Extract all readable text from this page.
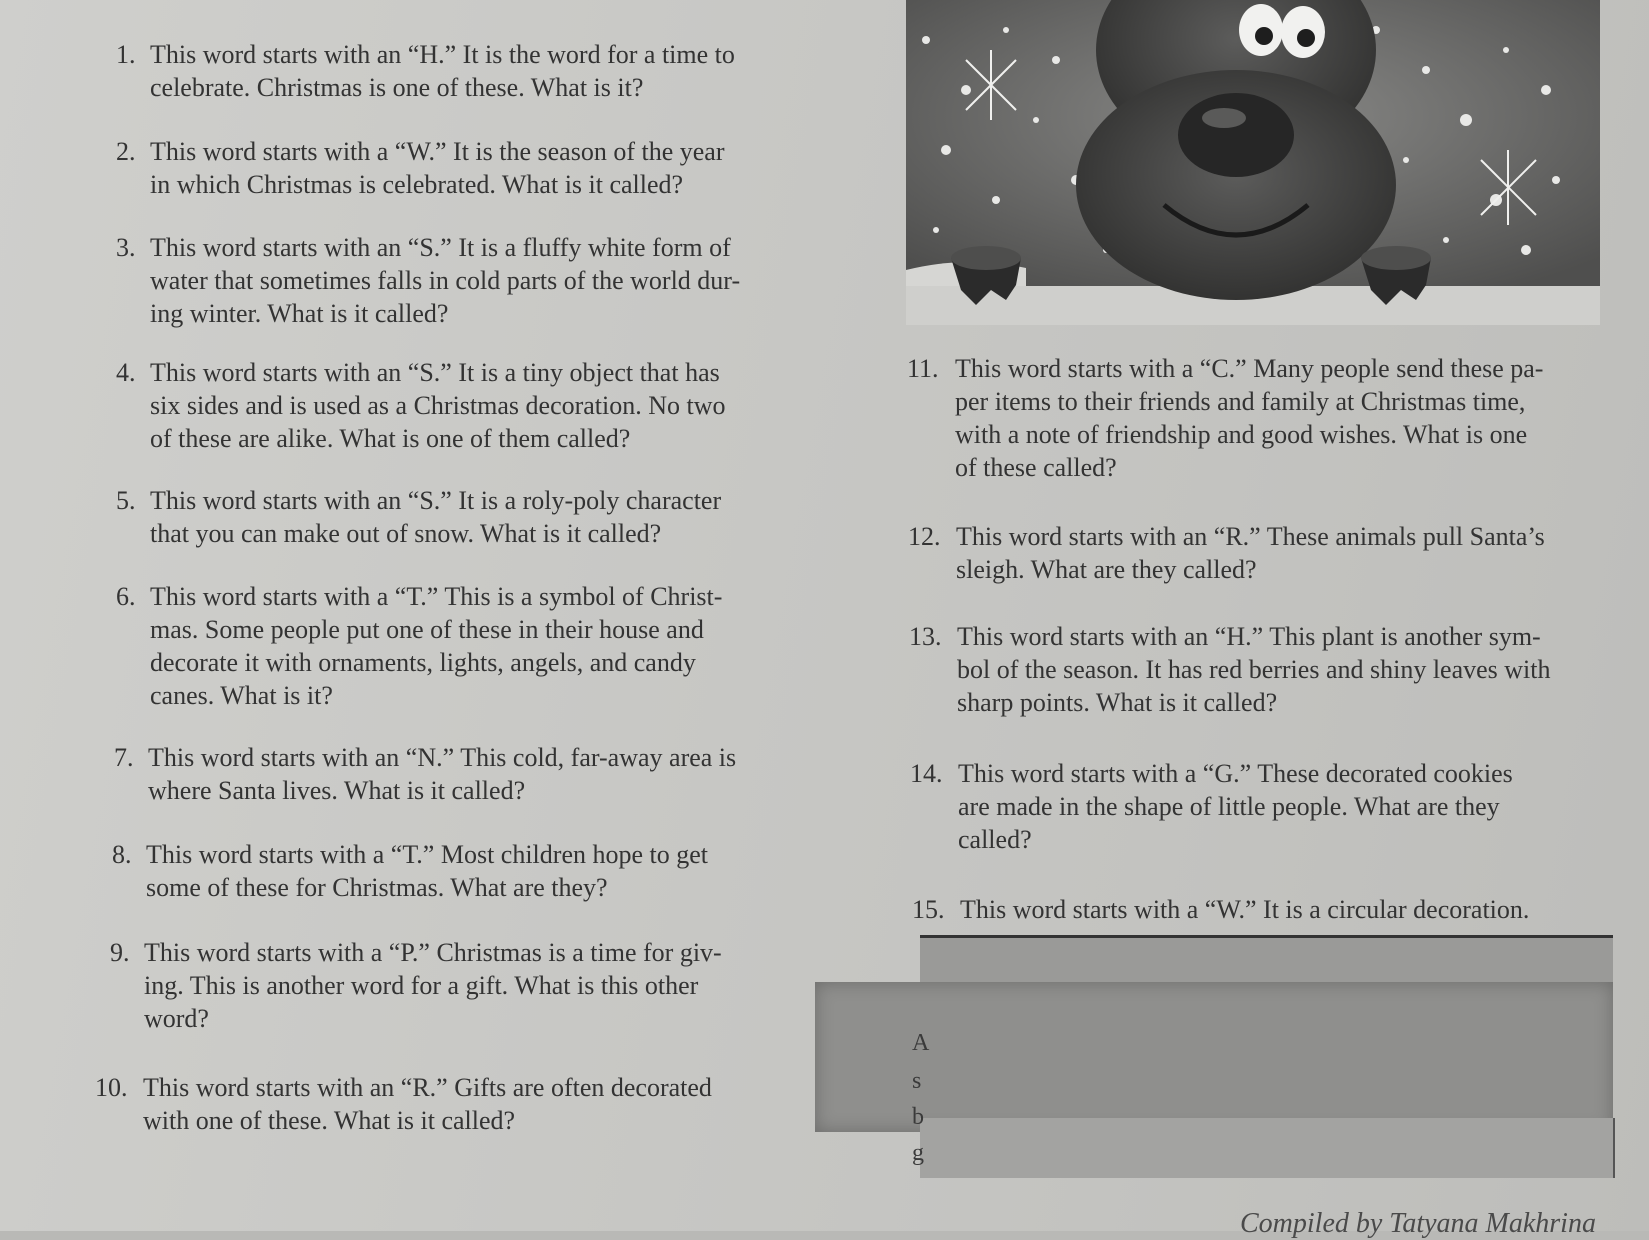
1. This word starts with an “H.” It is the word for a time to
celebrate. Christmas is one of these. What is it?
2. This word starts with a “W.” It is the season of the year
in which Christmas is celebrated. What is it called?
3. This word starts with an “S.” It is a fluffy white form of
water that sometimes falls in cold parts of the world dur-
ing winter. What is it called?
4. This word starts with an “S.” It is a tiny object that has
six sides and is used as a Christmas decoration. No two
of these are alike. What is one of them called?
5. This word starts with an “S.” It is a roly-poly character
that you can make out of snow. What is it called?
6. This word starts with a “T.” This is a symbol of Christ-
mas. Some people put one of these in their house and
decorate it with ornaments, lights, angels, and candy
canes. What is it?
7. This word starts with an “N.” This cold, far-away area is
where Santa lives. What is it called?
8. This word starts with a “T.” Most children hope to get
some of these for Christmas. What are they?
9. This word starts with a “P.” Christmas is a time for giv-
ing. This is another word for a gift. What is this other
word?
10. This word starts with an “R.” Gifts are often decorated
with one of these. What is it called?
11. This word starts with a “C.” Many people send these pa-
per items to their friends and family at Christmas time,
with a note of friendship and good wishes. What is one
of these called?
12. This word starts with an “R.” These animals pull Santa’s
sleigh. What are they called?
13. This word starts with an “H.” This plant is another sym-
bol of the season. It has red berries and shiny leaves with
sharp points. What is it called?
14. This word starts with a “G.” These decorated cookies
are made in the shape of little people. What are they
called?
15. This word starts with a “W.” It is a circular decoration.
A
s
b
g
Compiled by Tatyana Makhrina
